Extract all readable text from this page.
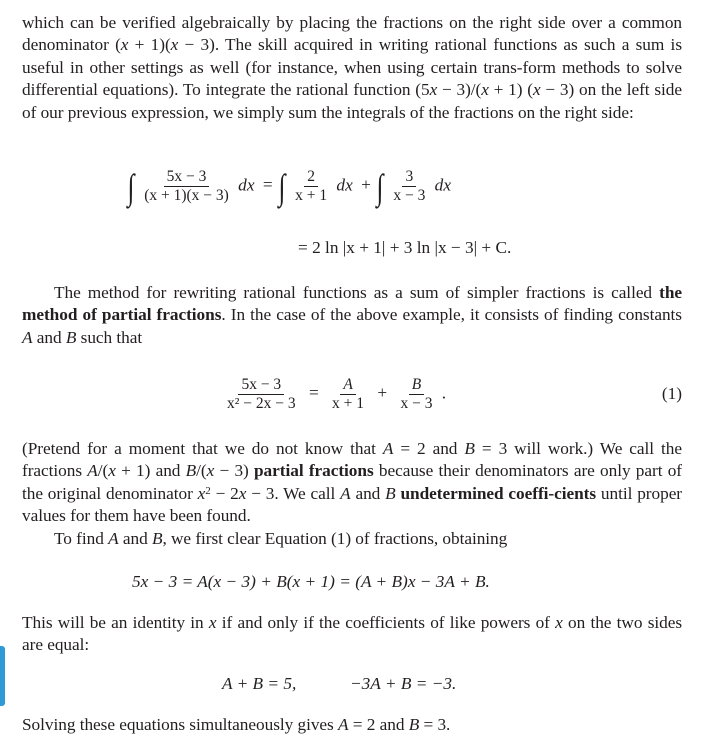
which can be verified algebraically by placing the fractions on the right side over a common denominator (x + 1)(x − 3). The skill acquired in writing rational functions as such a sum is useful in other settings as well (for instance, when using certain trans-form methods to solve differential equations). To integrate the rational function (5x − 3)/(x + 1) (x − 3) on the left side of our previous expression, we simply sum the integrals of the fractions on the right side:

∫ $\frac{5x - 3}{(x + 1)(x - 3)}$ dx = ∫ $\frac{2}{x + 1}$ dx + ∫ $\frac{3}{x - 3}$ dx
= 2 ln |x + 1| + 3 ln |x − 3| + C.

The method for rewriting rational functions as a sum of simpler fractions is called the method of partial fractions. In the case of the above example, it consists of finding constants A and B such that

$\frac{5x - 3}{\text{x² − 2x − 3}} = \frac{A}{x + 1} + \frac{B}{x - 3}$ .	(1)

(Pretend for a moment that we do not know that A = 2 and B = 3 will work.) We call the fractions A/(x + 1) and B/(x − 3) partial fractions because their denominators are only part of the original denominator $x^2 - 2x - 3$. We call A and B undetermined coeffi-cients until proper values for them have been found.

To find A and B, we first clear Equation (1) of fractions, obtaining

5x − 3 = A(x − 3) + B(x + 1) = (A + B)x − 3A + B.

This will be an identity in x if and only if the coefficients of like powers of x on the two sides are equal:

A + B = 5,	−3A + B = −3.

Solving these equations simultaneously gives A = 2 and B = 3.
